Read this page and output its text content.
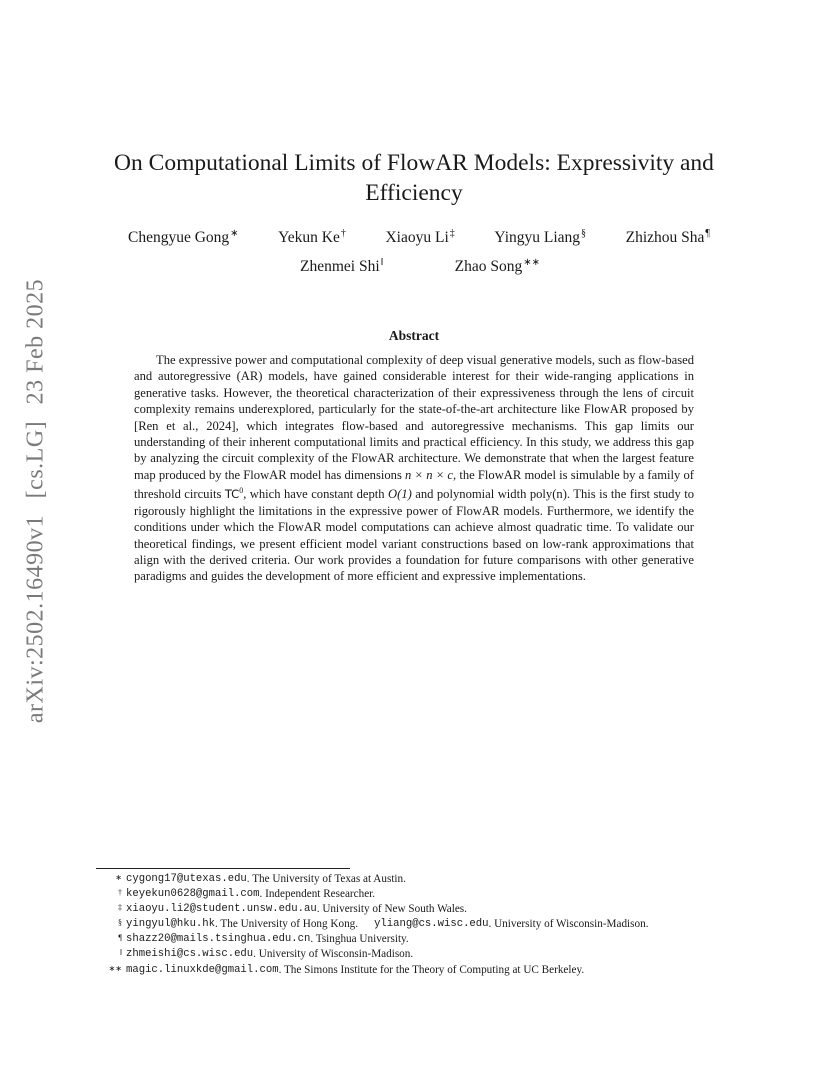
arXiv:2502.16490v1 [cs.LG] 23 Feb 2025
On Computational Limits of FlowAR Models: Expressivity and Efficiency
Chengyue Gong∗	Yekun Ke†	Xiaoyu Li‡	Yingyu Liang§	Zhizhou Sha¶
Zhenmei Shi‖	Zhao Song∗∗
Abstract

The expressive power and computational complexity of deep visual generative models, such as flow-based and autoregressive (AR) models, have gained considerable interest for their wide-ranging applications in generative tasks. However, the theoretical characterization of their expressiveness through the lens of circuit complexity remains underexplored, particularly for the state-of-the-art architecture like FlowAR proposed by [Ren et al., 2024], which integrates flow-based and autoregressive mechanisms. This gap limits our understanding of their inherent computational limits and practical efficiency. In this study, we address this gap by analyzing the circuit complexity of the FlowAR architecture. We demonstrate that when the largest feature map produced by the FlowAR model has dimensions n × n × c, the FlowAR model is simulable by a family of threshold circuits $TC^0$, which have constant depth O(1) and polynomial width poly(n). This is the first study to rigorously highlight the limitations in the expressive power of FlowAR models. Furthermore, we identify the conditions under which the FlowAR model computations can achieve almost quadratic time. To validate our theoretical findings, we present efficient model variant constructions based on low-rank approximations that align with the derived criteria. Our work provides a foundation for future comparisons with other generative paradigms and guides the development of more efficient and expressive implementations.

∗ cygong17@utexas.edu . The University of Texas at Austin.
† keyekun0628@gmail.com . Independent Researcher.
‡ xiaoyu.li2@student.unsw.edu.au . University of New South Wales.
§ yingyul@hku.hk . The University of Hong Kong. yliang@cs.wisc.edu . University of Wisconsin-Madison.
¶ shazz20@mails.tsinghua.edu.cn . Tsinghua University.
‖ zhmeishi@cs.wisc.edu . University of Wisconsin-Madison.
∗∗ magic.linuxkde@gmail.com . The Simons Institute for the Theory of Computing at UC Berkeley.
